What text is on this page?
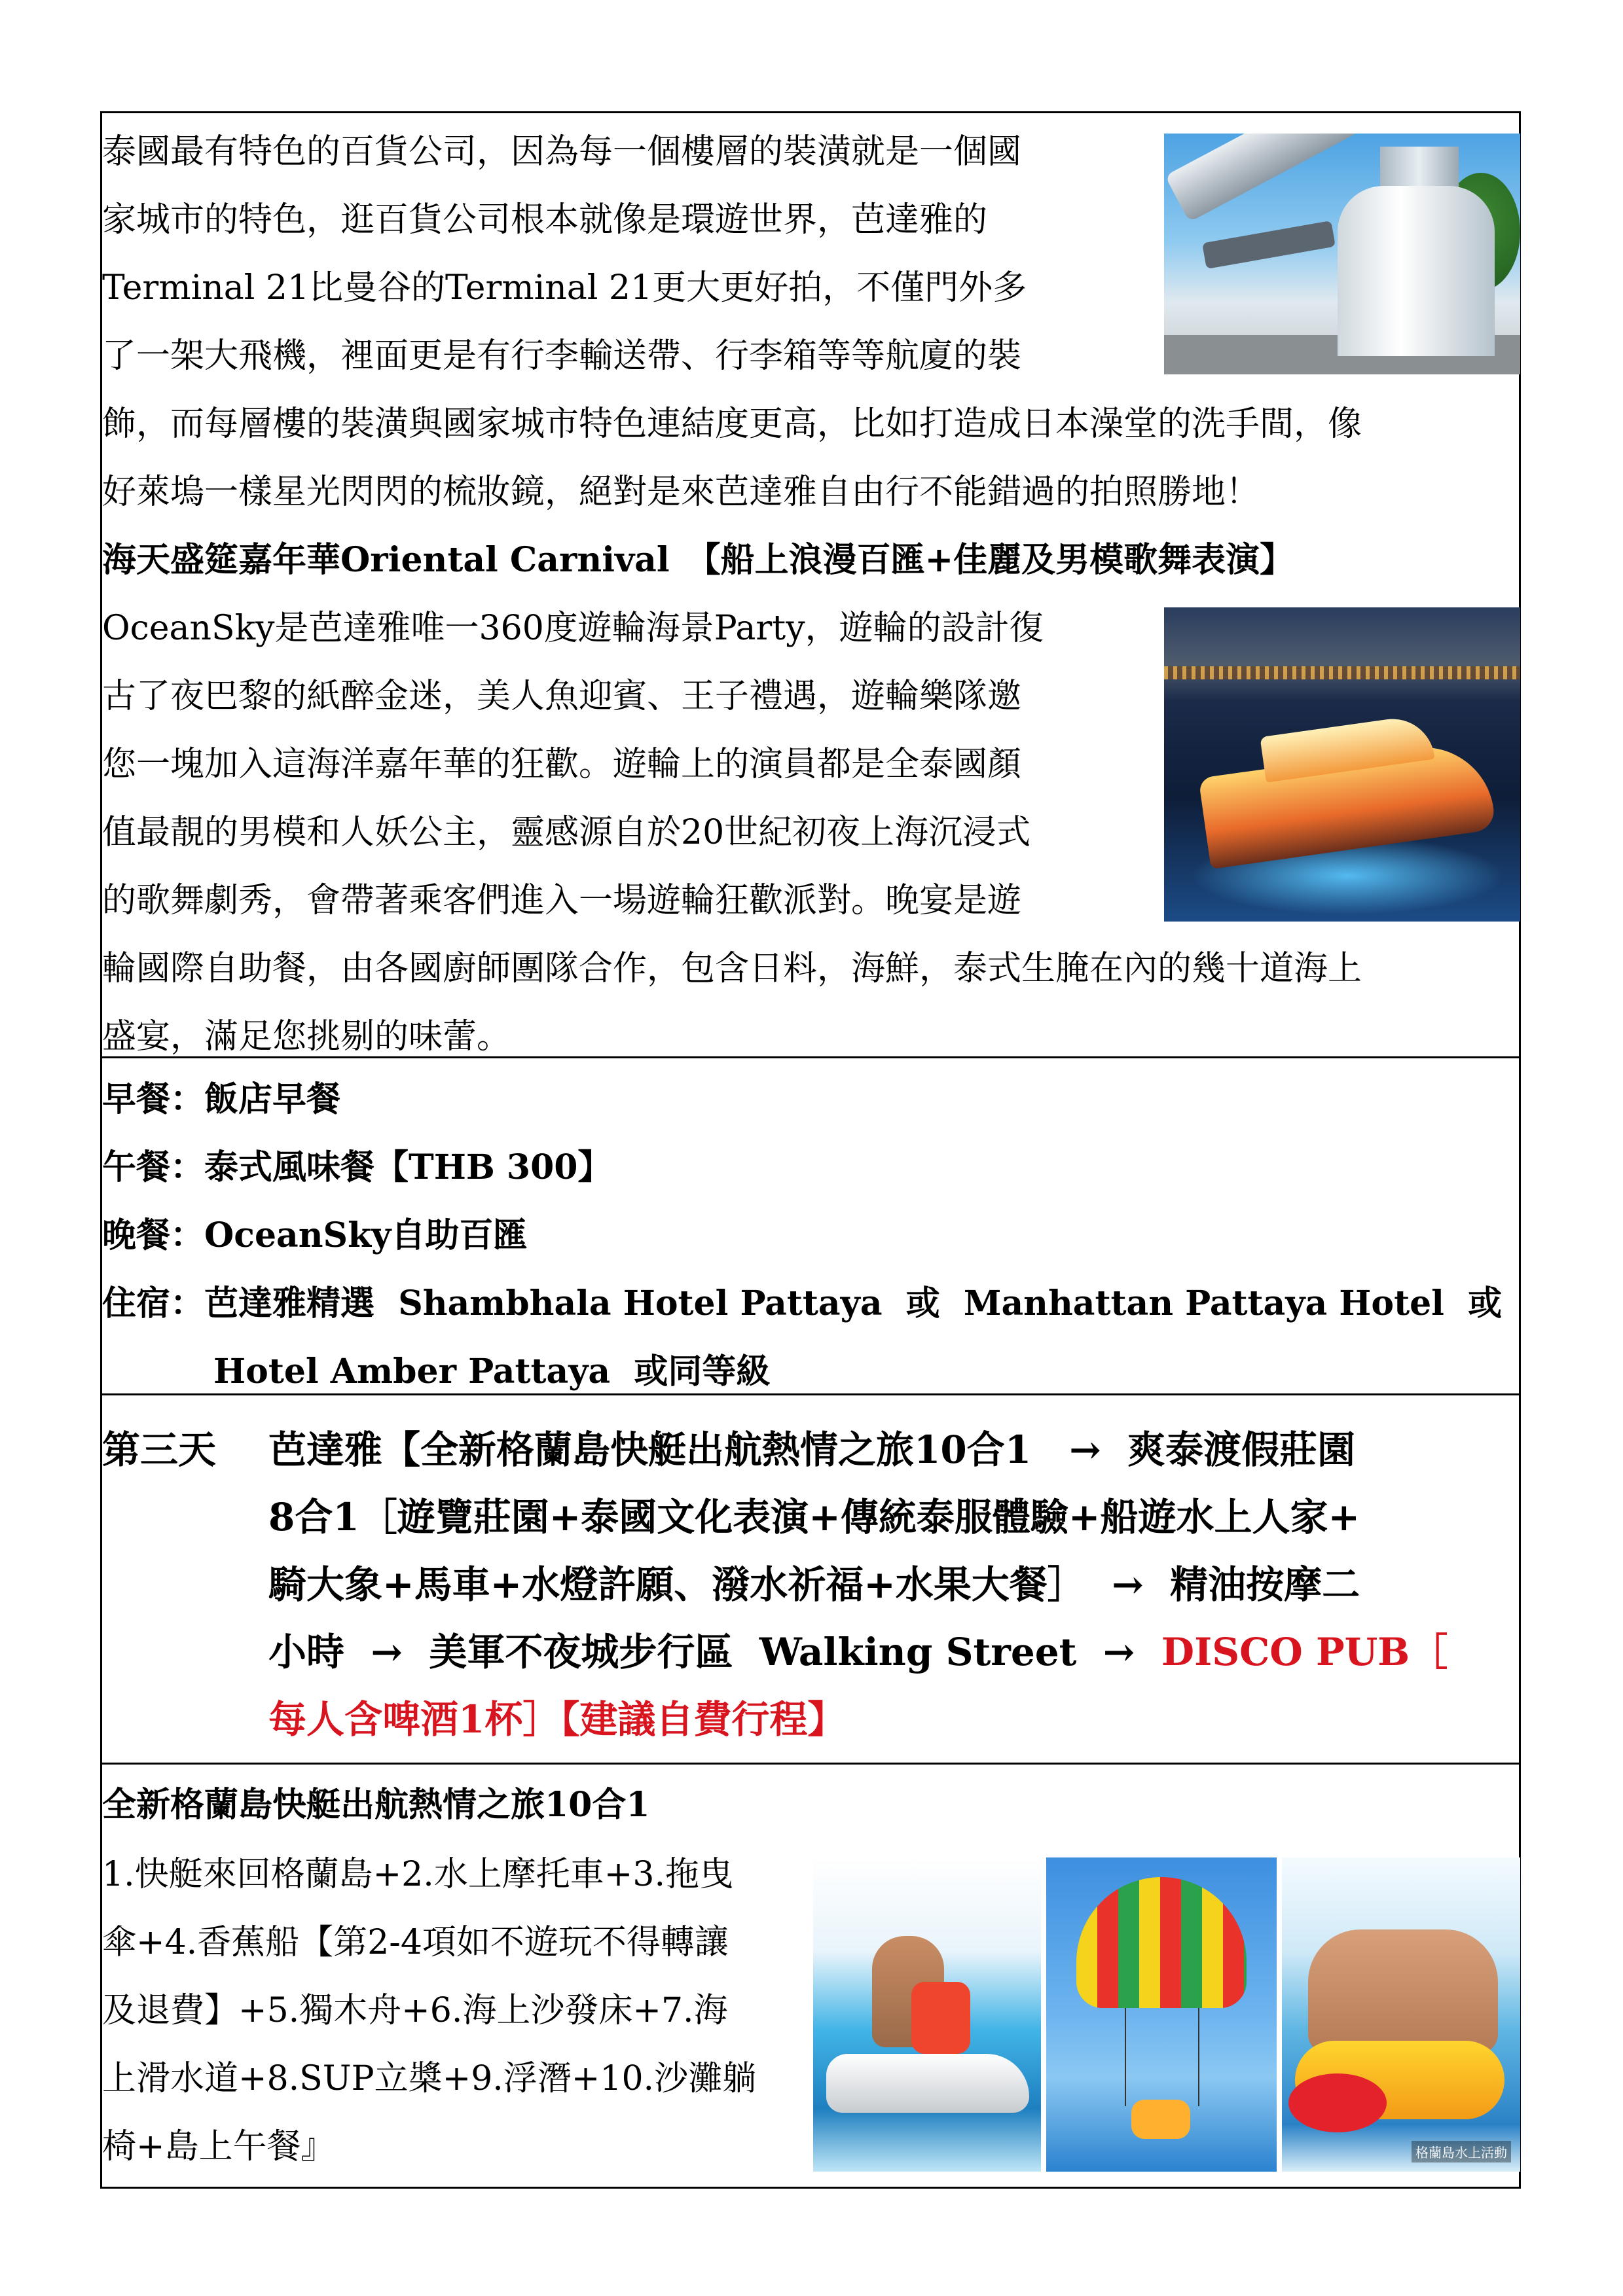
泰國最有特色的百貨公司，因為每一個樓層的裝潢就是一個國
家城市的特色，逛百貨公司根本就像是環遊世界，芭達雅的
Terminal 21比曼谷的Terminal 21更大更好拍，不僅門外多
了一架大飛機，裡面更是有行李輸送帶、行李箱等等航廈的裝
飾，而每層樓的裝潢與國家城市特色連結度更高，比如打造成日本澡堂的洗手間，像
好萊塢一樣星光閃閃的梳妝鏡，絕對是來芭達雅自由行不能錯過的拍照勝地！
海天盛筵嘉年華Oriental Carnival　【船上浪漫百匯+佳麗及男模歌舞表演】
OceanSky是芭達雅唯一360度遊輪海景Party，遊輪的設計復
古了夜巴黎的紙醉金迷，美人魚迎賓、王子禮遇，遊輪樂隊邀
您一塊加入這海洋嘉年華的狂歡。遊輪上的演員都是全泰國顏
值最靚的男模和人妖公主，靈感源自於20世紀初夜上海沉浸式
的歌舞劇秀，會帶著乘客們進入一場遊輪狂歡派對。晚宴是遊
輪國際自助餐，由各國廚師團隊合作，包含日料，海鮮，泰式生腌在內的幾十道海上
盛宴，滿足您挑剔的味蕾。
早餐：飯店早餐
午餐：泰式風味餐【THB 300】
晚餐：OceanSky自助百匯
住宿：芭達雅精選  Shambhala Hotel Pattaya  或  Manhattan Pattaya Hotel  或
Hotel Amber Pattaya  或同等級
第三天 芭達雅【全新格蘭島快艇出航熱情之旅10合1　→  爽泰渡假莊園
8合1［遊覽莊園+泰國文化表演+傳統泰服體驗+船遊水上人家+
騎大象+馬車+水燈許願、潑水祈福+水果大餐］  →  精油按摩二
小時  →  美軍不夜城步行區  Walking Street  →  DISCO PUB［
每人含啤酒1杯］【建議自費行程】
全新格蘭島快艇出航熱情之旅10合1
1.快艇來回格蘭島+2.水上摩托車+3.拖曳
傘+4.香蕉船【第2-4項如不遊玩不得轉讓
及退費】+5.獨木舟+6.海上沙發床+7.海
上滑水道+8.SUP立槳+9.浮潛+10.沙灘躺
椅+島上午餐』	格蘭島水上活動
